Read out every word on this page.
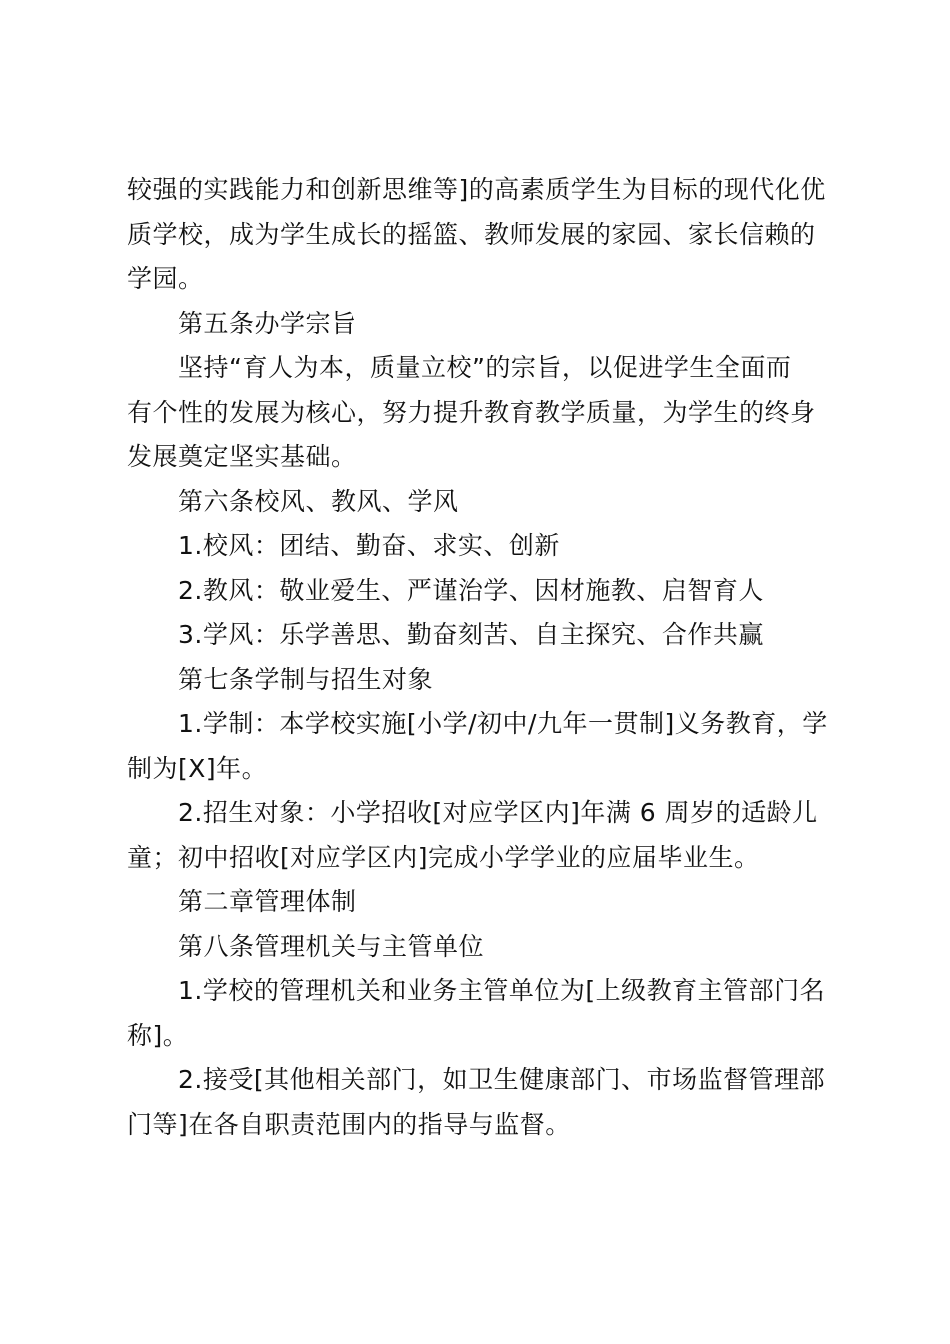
较强的实践能力和创新思维等]的高素质学生为目标的现代化优
质学校，成为学生成长的摇篮、教师发展的家园、家长信赖的
学园。
第五条办学宗旨
坚持“育人为本，质量立校”的宗旨，以促进学生全面而
有个性的发展为核心，努力提升教育教学质量，为学生的终身
发展奠定坚实基础。
第六条校风、教风、学风
1.校风：团结、勤奋、求实、创新
2.教风：敬业爱生、严谨治学、因材施教、启智育人
3.学风：乐学善思、勤奋刻苦、自主探究、合作共赢
第七条学制与招生对象
1.学制：本学校实施[小学/初中/九年一贯制]义务教育，学
制为[X]年。
2.招生对象：小学招收[对应学区内]年满 6 周岁的适龄儿
童；初中招收[对应学区内]完成小学学业的应届毕业生。
第二章管理体制
第八条管理机关与主管单位
1.学校的管理机关和业务主管单位为[上级教育主管部门名
称]。
2.接受[其他相关部门，如卫生健康部门、市场监督管理部
门等]在各自职责范围内的指导与监督。
